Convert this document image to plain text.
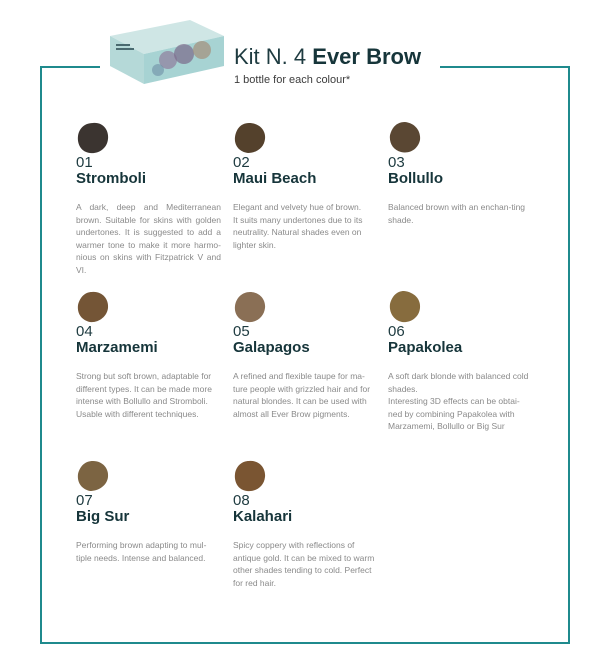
Kit N. 4 Ever Brow
1 bottle for each colour*
01
Stromboli
A dark, deep and Mediterranean brown. Suitable for skins with golden undertones. It is suggested to add a warmer tone to make it more harmo-nious on skins with Fitzpatrick V and VI.
02
Maui Beach
Elegant and velvety hue of brown.
It suits many undertones due to its neutrality. Natural shades even on lighter skin.
03
Bollullo
Balanced brown with an enchan-ting shade.
04
Marzamemi
Strong but soft brown, adaptable for different types. It can be made more intense with Bollullo and Stromboli.
Usable with different techniques.
05
Galapagos
A refined and flexible taupe for ma-ture people with grizzled hair and for natural blondes. It can be used with almost all Ever Brow pigments.
06
Papakolea
A soft dark blonde with balanced cold shades.
Interesting 3D effects can be obtai-ned by combining Papakolea with Marzamemi, Bollullo or Big Sur
07
Big Sur
Performing brown adapting to mul-tiple needs. Intense and balanced.
08
Kalahari
Spicy coppery with reflections of antique gold. It can be mixed to warm other shades tending to cold. Perfect for red hair.
